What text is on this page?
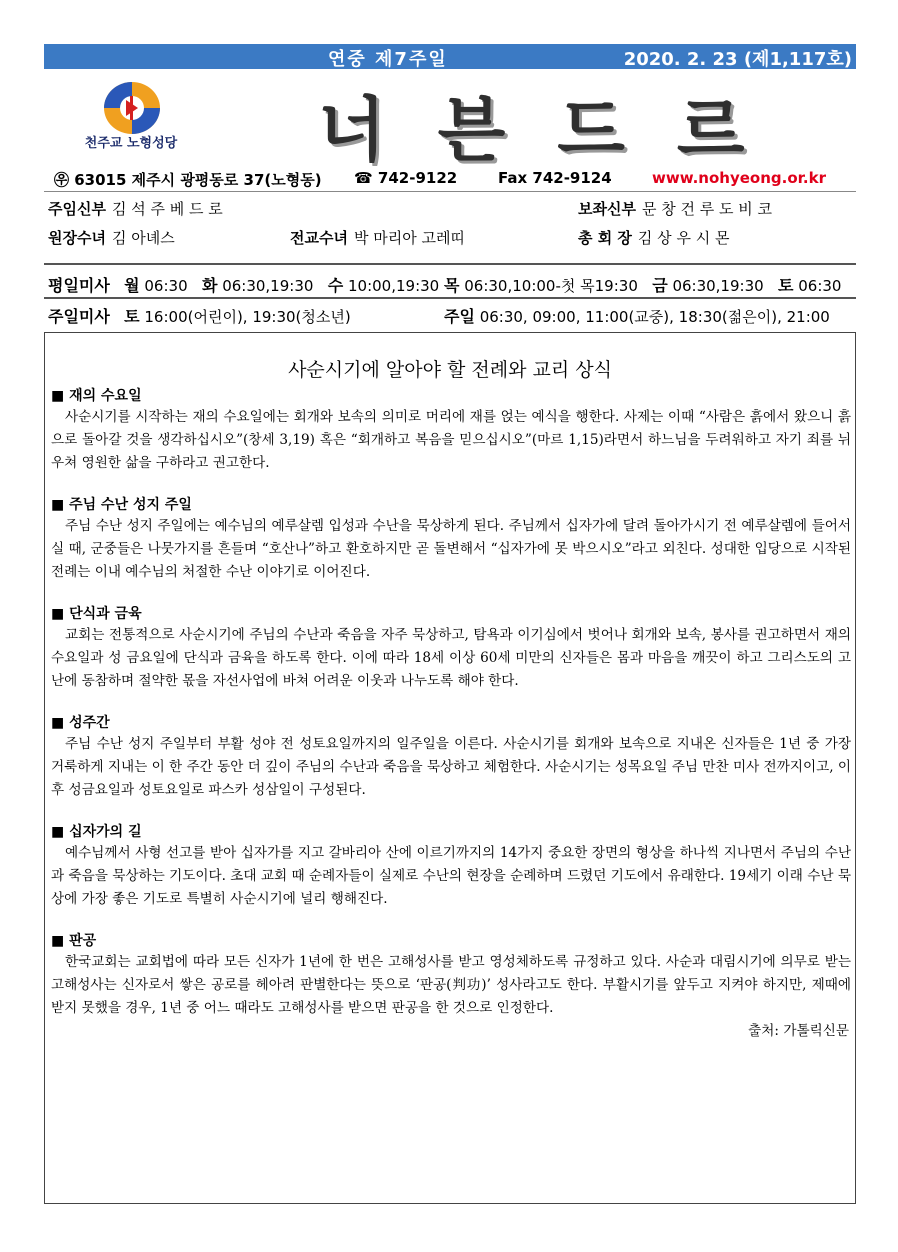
연중 제7주일	2020. 2. 23 (제1,117호)
천주교 노형성당 너븐드르
㉾ 63015 제주시 광평동로 37(노형동) ☎ 742-9122	Fax 742-9124	www.nohyeong.or.kr
주임신부 김 석 주 베 드 로	보좌신부 문 창 건 루 도 비 코
원장수녀 김 아녜스	전교수녀 박 마리아 고레띠	총 회 장 김 상 우 시 몬
평일미사 월 06:30 화 06:30,19:30 수 10:00,19:30 목 06:30,10:00-첫 목19:30 금 06:30,19:30 토 06:30
주일미사 토 16:00(어린이), 19:30(청소년)	주일 06:30, 09:00, 11:00(교중), 18:30(젊은이), 21:00
사순시기에 알아야 할 전례와 교리 상식
■ 재의 수요일

사순시기를 시작하는 재의 수요일에는 회개와 보속의 의미로 머리에 재를 얹는 예식을 행한다. 사제는 이때 “사람은 흙에서 왔으니 흙으로 돌아갈 것을 생각하십시오”(창세 3,19) 혹은 “회개하고 복음을 믿으십시오”(마르 1,15)라면서 하느님을 두려워하고 자기 죄를 뉘우쳐 영원한 삶을 구하라고 권고한다.

■ 주님 수난 성지 주일

주님 수난 성지 주일에는 예수님의 예루살렘 입성과 수난을 묵상하게 된다. 주님께서 십자가에 달려 돌아가시기 전 예루살렘에 들어서실 때, 군중들은 나뭇가지를 흔들며 “호산나”하고 환호하지만 곧 돌변해서 “십자가에 못 박으시오”라고 외친다. 성대한 입당으로 시작된 전례는 이내 예수님의 처절한 수난 이야기로 이어진다.

■ 단식과 금육

교회는 전통적으로 사순시기에 주님의 수난과 죽음을 자주 묵상하고, 탐욕과 이기심에서 벗어나 회개와 보속, 봉사를 권고하면서 재의 수요일과 성 금요일에 단식과 금육을 하도록 한다. 이에 따라 18세 이상 60세 미만의 신자들은 몸과 마음을 깨끗이 하고 그리스도의 고난에 동참하며 절약한 몫을 자선사업에 바쳐 어려운 이웃과 나누도록 해야 한다.

■ 성주간

주님 수난 성지 주일부터 부활 성야 전 성토요일까지의 일주일을 이른다. 사순시기를 회개와 보속으로 지내온 신자들은 1년 중 가장 거룩하게 지내는 이 한 주간 동안 더 깊이 주님의 수난과 죽음을 묵상하고 체험한다. 사순시기는 성목요일 주님 만찬 미사 전까지이고, 이후 성금요일과 성토요일로 파스카 성삼일이 구성된다.

■ 십자가의 길

예수님께서 사형 선고를 받아 십자가를 지고 갈바리아 산에 이르기까지의 14가지 중요한 장면의 형상을 하나씩 지나면서 주님의 수난과 죽음을 묵상하는 기도이다. 초대 교회 때 순례자들이 실제로 수난의 현장을 순례하며 드렸던 기도에서 유래한다. 19세기 이래 수난 묵상에 가장 좋은 기도로 특별히 사순시기에 널리 행해진다.

■ 판공

한국교회는 교회법에 따라 모든 신자가 1년에 한 번은 고해성사를 받고 영성체하도록 규정하고 있다. 사순과 대림시기에 의무로 받는 고해성사는 신자로서 쌓은 공로를 헤아려 판별한다는 뜻으로 ‘판공(判功)’ 성사라고도 한다. 부활시기를 앞두고 지켜야 하지만, 제때에 받지 못했을 경우, 1년 중 어느 때라도 고해성사를 받으면 판공을 한 것으로 인정한다.

출처: 가톨릭신문
